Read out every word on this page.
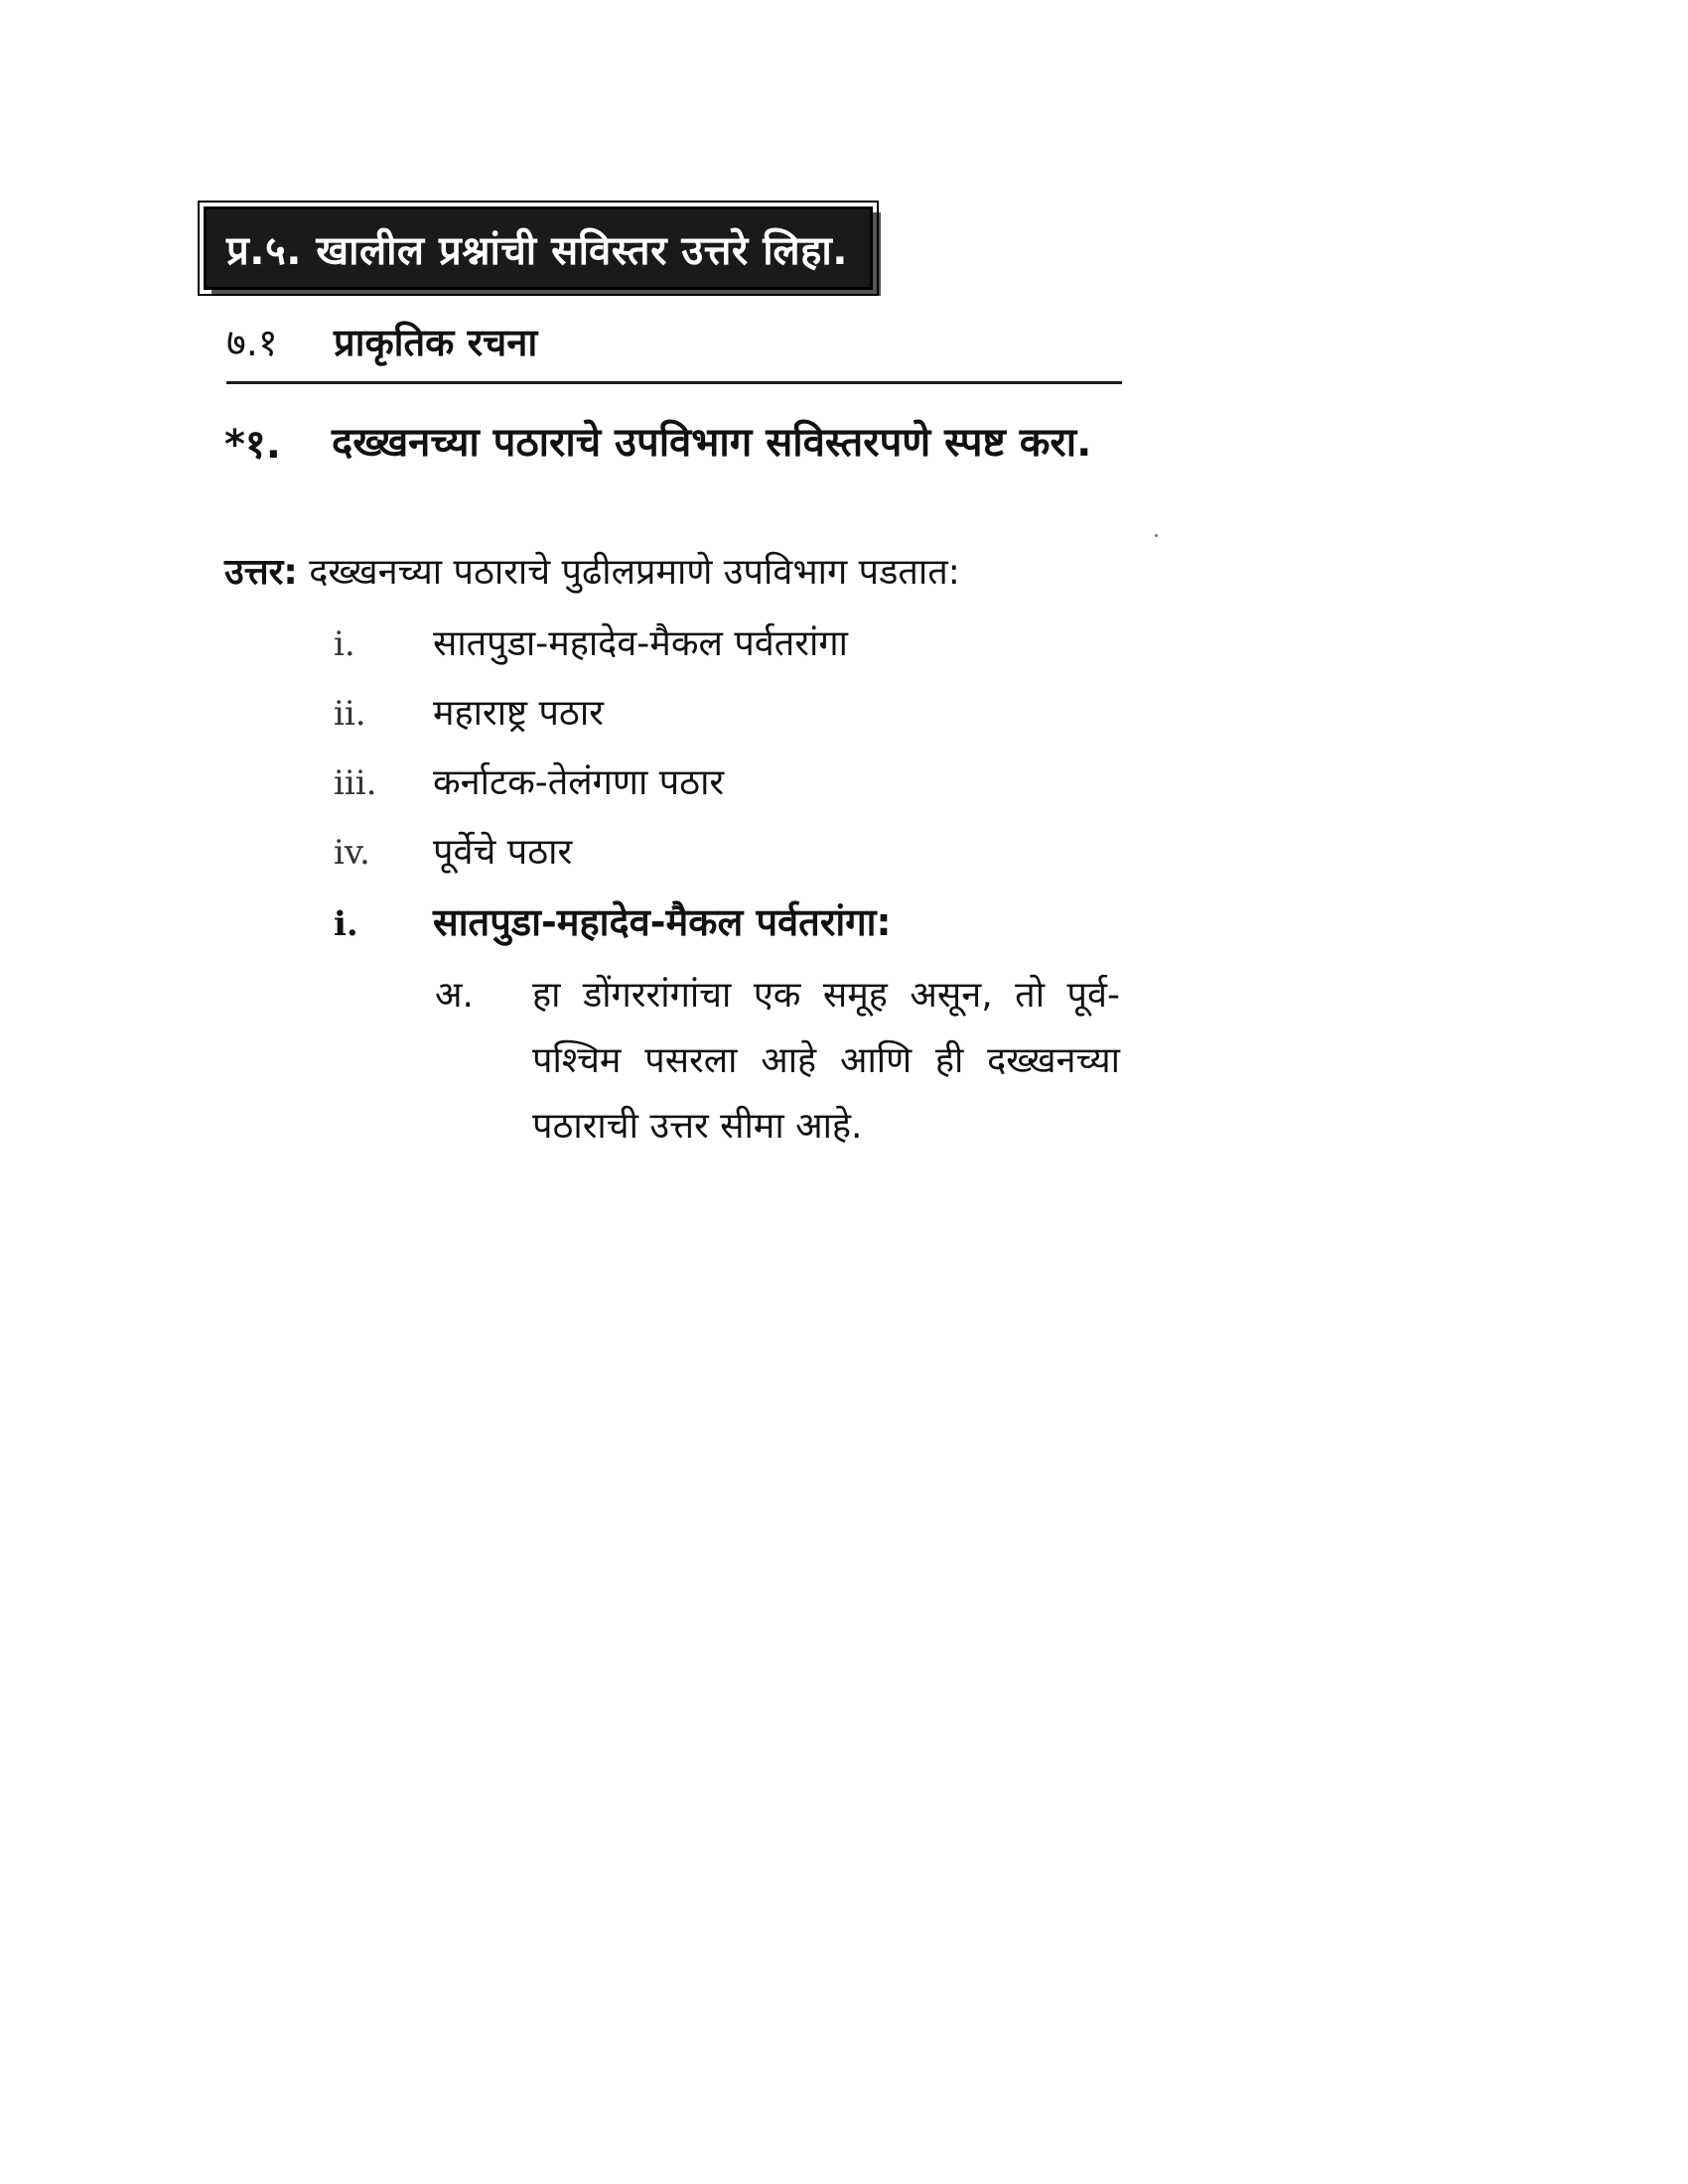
प्र.५. खालील प्रश्नांची सविस्तर उत्तरे लिहा.
७.१ प्राकृतिक रचना
*१. दख्खनच्या पठाराचे उपविभाग सविस्तरपणे स्पष्ट करा.
उत्तर: दख्खनच्या पठाराचे पुढीलप्रमाणे उपविभाग पडतात:
i. सातपुडा-महादेव-मैकल पर्वतरांगा
ii. महाराष्ट्र पठार
iii. कर्नाटक-तेलंगणा पठार
iv. पूर्वेचे पठार
i. सातपुडा-महादेव-मैकल पर्वतरांगा:
अ. हा डोंगररांगांचा एक समूह असून, तो पूर्व-पश्चिम पसरला आहे आणि ही दख्खनच्या पठाराची उत्तर सीमा आहे.
